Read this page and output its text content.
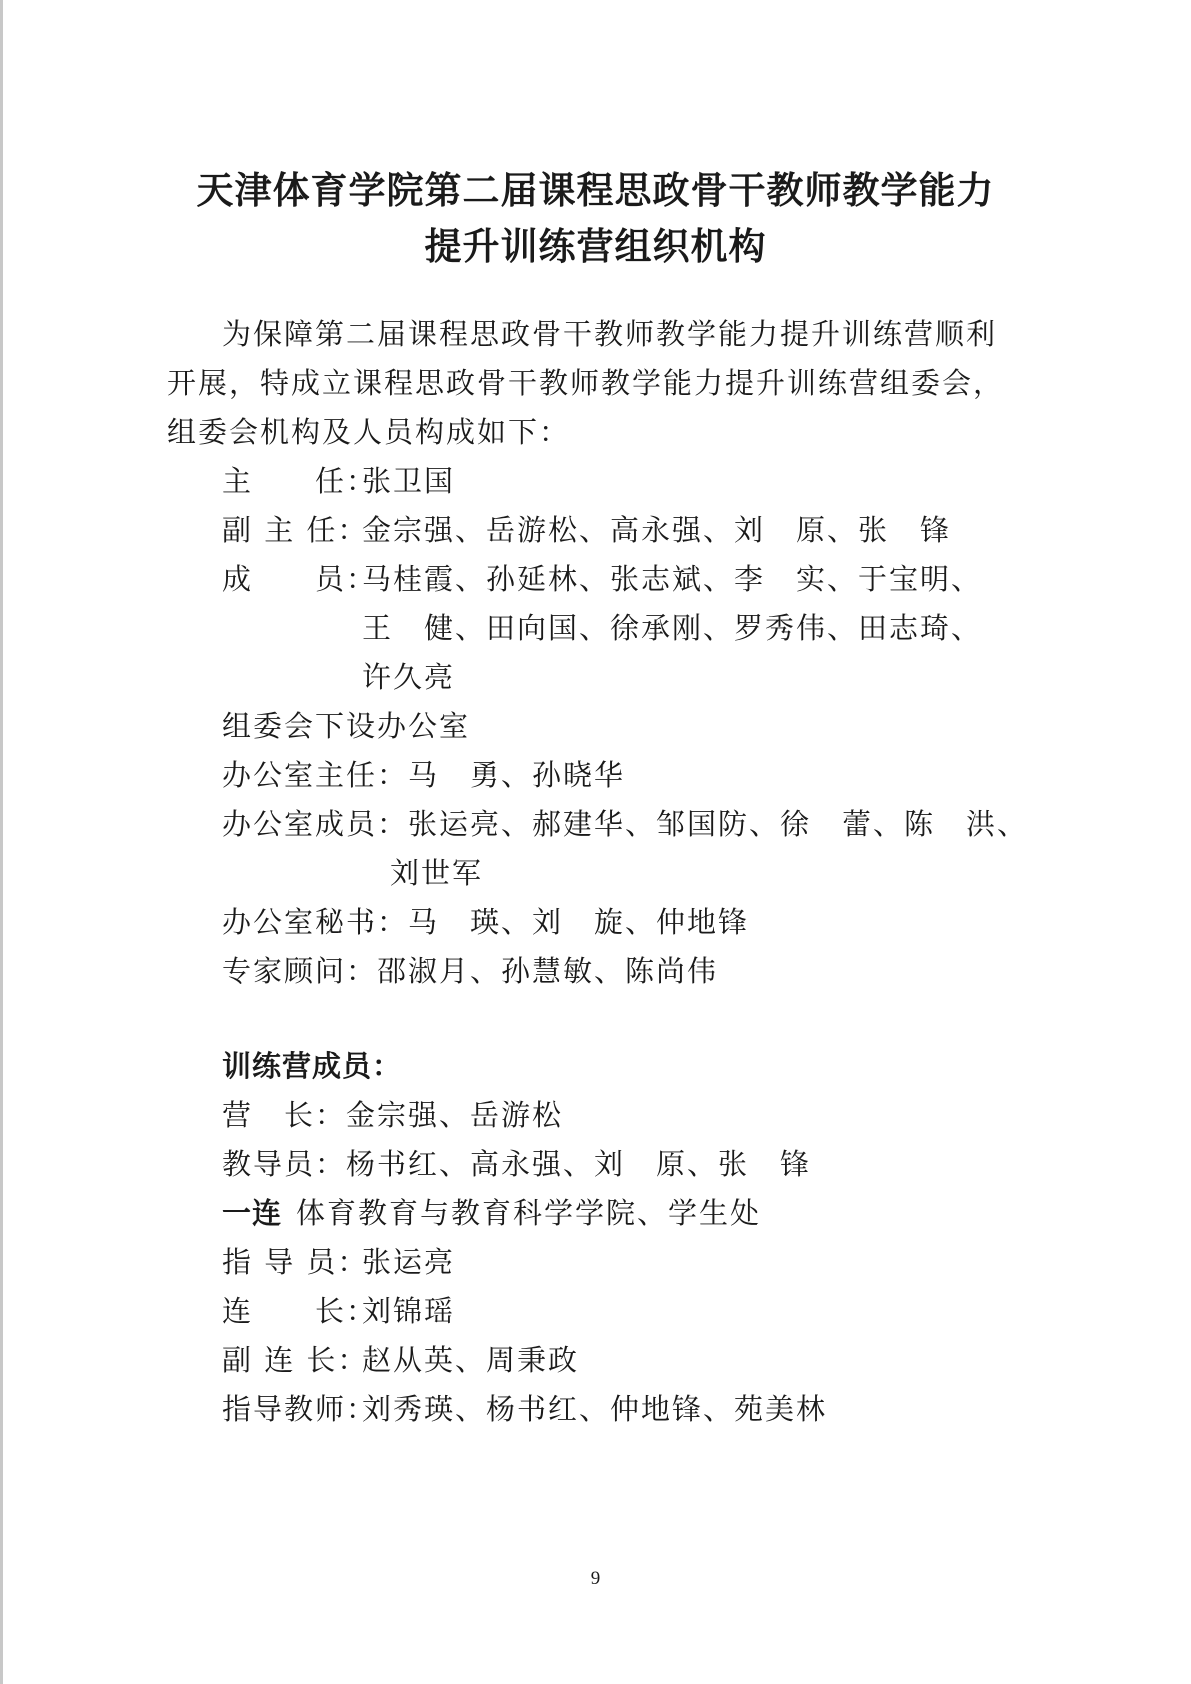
天津体育学院第二届课程思政骨干教师教学能力
提升训练营组织机构
为保障第二届课程思政骨干教师教学能力提升训练营顺利
开展，特成立课程思政骨干教师教学能力提升训练营组委会，
组委会机构及人员构成如下：
主　　任：张卫国
副 主 任：金宗强、岳游松、高永强、刘　原、张　锋
成　　员：马桂霞、孙延林、张志斌、李　实、于宝明、
王　健、田向国、徐承刚、罗秀伟、田志琦、
许久亮
组委会下设办公室
办公室主任：马　勇、孙晓华
办公室成员：张运亮、郝建华、邹国防、徐　蕾、陈　洪、
刘世军
办公室秘书：马　瑛、刘　旋、仲地锋
专家顾问：邵淑月、孙慧敏、陈尚伟
训练营成员：
营　长：金宗强、岳游松
教导员：杨书红、高永强、刘　原、张　锋
一连 体育教育与教育科学学院、学生处
指 导 员：张运亮
连　　长：刘锦瑶
副 连 长：赵从英、周秉政
指导教师：刘秀瑛、杨书红、仲地锋、苑美林
9
